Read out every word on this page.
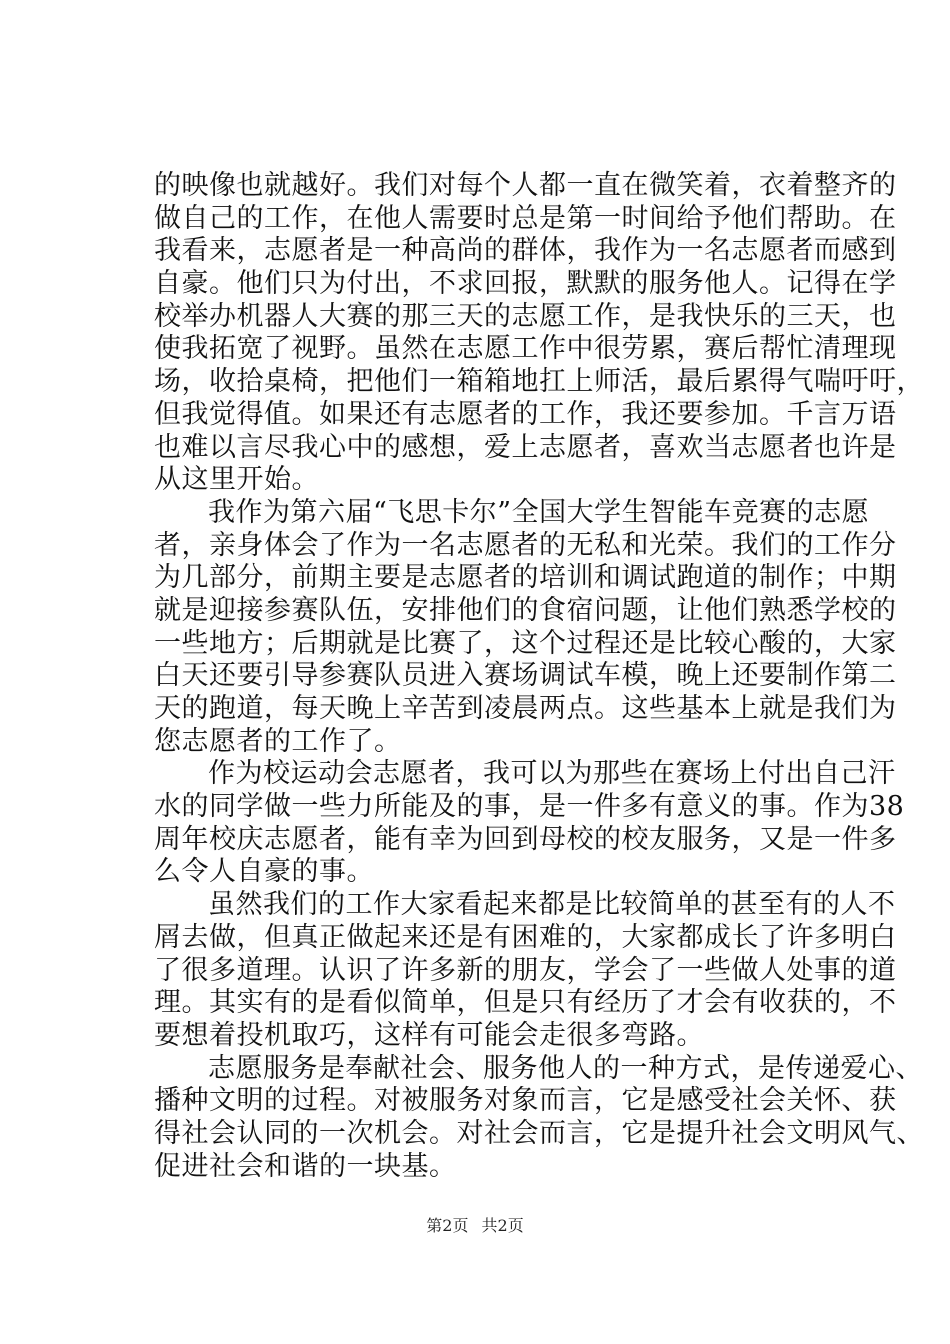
的映像也就越好。我们对每个人都一直在微笑着，衣着整齐的
做自己的工作，在他人需要时总是第一时间给予他们帮助。在
我看来，志愿者是一种高尚的群体，我作为一名志愿者而感到
自豪。他们只为付出，不求回报，默默的服务他人。记得在学
校举办机器人大赛的那三天的志愿工作，是我快乐的三天，也
使我拓宽了视野。虽然在志愿工作中很劳累，赛后帮忙清理现
场，收拾桌椅，把他们一箱箱地扛上师活，最后累得气喘吁吁，
但我觉得值。如果还有志愿者的工作，我还要参加。千言万语
也难以言尽我心中的感想，爱上志愿者，喜欢当志愿者也许是
从这里开始。
我作为第六届“飞思卡尔”全国大学生智能车竞赛的志愿
者，亲身体会了作为一名志愿者的无私和光荣。我们的工作分
为几部分，前期主要是志愿者的培训和调试跑道的制作；中期
就是迎接参赛队伍，安排他们的食宿问题，让他们熟悉学校的
一些地方；后期就是比赛了，这个过程还是比较心酸的，大家
白天还要引导参赛队员进入赛场调试车模，晚上还要制作第二
天的跑道，每天晚上辛苦到凌晨两点。这些基本上就是我们为
您志愿者的工作了。
作为校运动会志愿者，我可以为那些在赛场上付出自己汗
水的同学做一些力所能及的事，是一件多有意义的事。作为38
周年校庆志愿者，能有幸为回到母校的校友服务，又是一件多
么令人自豪的事。
虽然我们的工作大家看起来都是比较简单的甚至有的人不
屑去做，但真正做起来还是有困难的，大家都成长了许多明白
了很多道理。认识了许多新的朋友，学会了一些做人处事的道
理。其实有的是看似简单，但是只有经历了才会有收获的，不
要想着投机取巧，这样有可能会走很多弯路。
志愿服务是奉献社会、服务他人的一种方式，是传递爱心、
播种文明的过程。对被服务对象而言，它是感受社会关怀、获
得社会认同的一次机会。对社会而言，它是提升社会文明风气、
促进社会和谐的一块基。
第2页 共2页
